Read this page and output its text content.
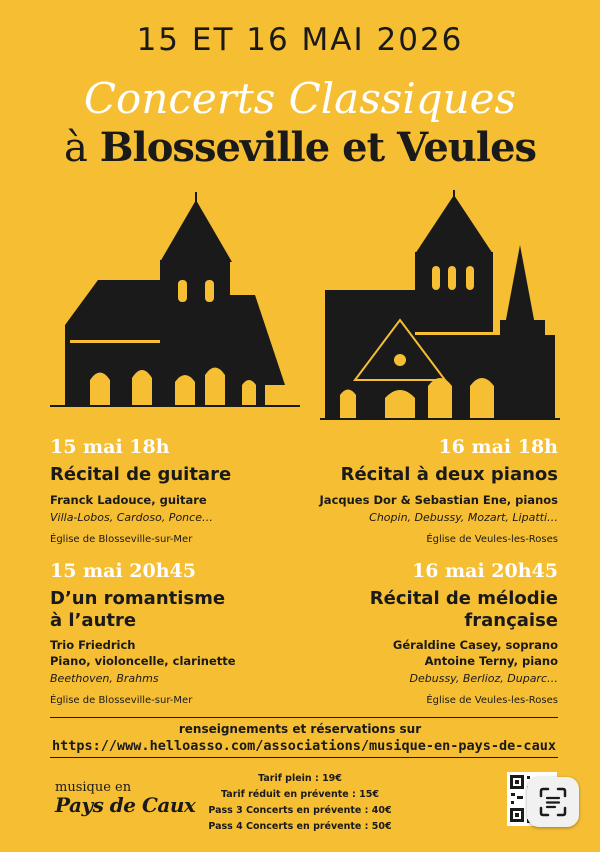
15 ET 16 MAI 2026
Concerts Classiques
à Blosseville et Veules
15 mai 18h
Récital de guitare
Franck Ladouce, guitare
Villa-Lobos, Cardoso, Ponce…
Église de Blosseville-sur-Mer
16 mai 18h
Récital à deux pianos
Jacques Dor & Sebastian Ene, pianos
Chopin, Debussy, Mozart, Lipatti…
Église de Veules-les-Roses
15 mai 20h45
D’un romantisme
à l’autre
Trio Friedrich
Piano, violoncelle, clarinette
Beethoven, Brahms
Église de Blosseville-sur-Mer
16 mai 20h45
Récital de mélodie
française
Géraldine Casey, soprano
Antoine Terny, piano
Debussy, Berlioz, Duparc…
Église de Veules-les-Roses
renseignements et réservations sur
https://www.helloasso.com/associations/musique-en-pays-de-caux
musique en
Pays de Caux
Tarif plein : 19€
Tarif réduit en prévente : 15€
Pass 3 Concerts en prévente : 40€
Pass 4 Concerts en prévente : 50€
